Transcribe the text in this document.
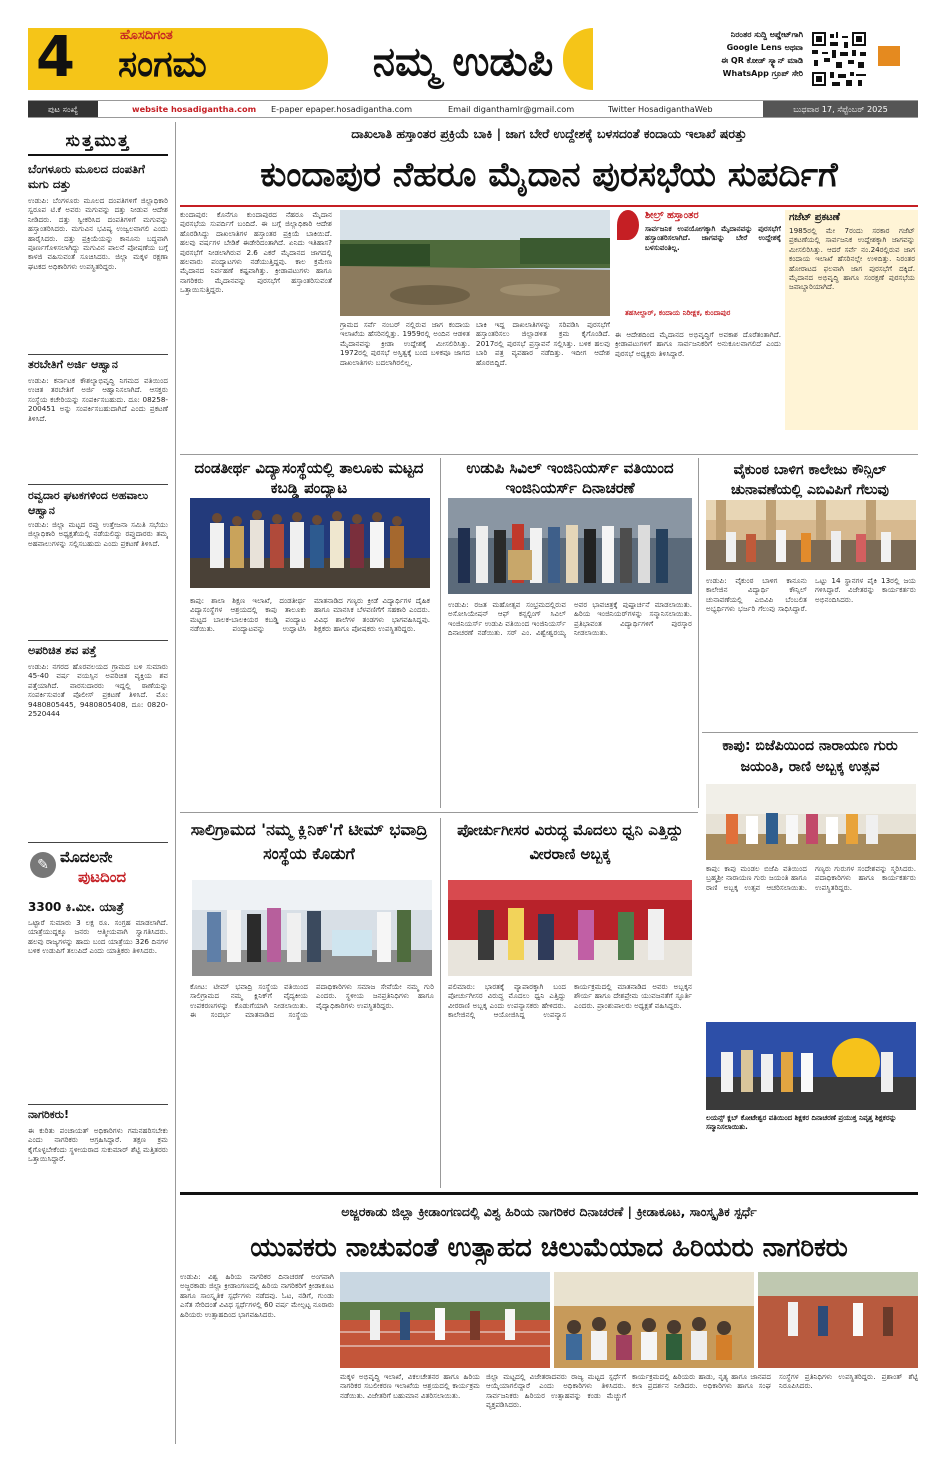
4	ಹೊಸದಿಗಂತ
ಸಂಗಮ	ನಮ್ಮ ಉಡುಪಿ
ನಿರಂತರ ಸುದ್ದಿ ಅಪ್ಡೇಟ್‌ಗಾಗಿ
Google Lens ಅಥವಾ
ಈ QR ಕೋಡ್ ಸ್ಕ್ಯಾನ್ ಮಾಡಿ
WhatsApp ಗ್ರೂಪ್ ಸೇರಿ
ಪುಟ ಸಂಖ್ಯೆ	website hosadigantha.com E-paper epaper.hosadigantha.com	Email diganthamlr@gmail.com	Twitter HosadiganthaWeb	ಬುಧವಾರ 17, ಸೆಪ್ಟೆಂಬರ್ 2025
ಸುತ್ತಮುತ್ತ
ಬೆಂಗಳೂರು ಮೂಲದ ದಂಪತಿಗೆ ಮಗು ದತ್ತು
ಉಡುಪಿ: ಬೆಂಗಳೂರು ಮೂಲದ ದಂಪತಿಗಳಿಗೆ ಜಿಲ್ಲಾಧಿಕಾರಿ ಸ್ವರೂಪ ಟಿ.ಕೆ ಅವರು ಮಗುವನ್ನು ದತ್ತು ನೀಡುವ ಆದೇಶ ನೀಡಿದರು. ದತ್ತು ಸ್ವೀಕರಿಸಿದ ದಂಪತಿಗಳಿಗೆ ಮಗುವನ್ನು ಹಸ್ತಾಂತರಿಸಿದರು. ಮಗುವಿನ ಭವಿಷ್ಯ ಉಜ್ವಲವಾಗಲಿ ಎಂದು ಹಾರೈಸಿದರು. ದತ್ತು ಪ್ರಕ್ರಿಯೆಯನ್ನು ಕಾನೂನು ಬದ್ಧವಾಗಿ ಪೂರ್ಣಗೊಳಿಸಲಾಗಿದ್ದು ಮಗುವಿನ ಪಾಲನೆ ಪೋಷಣೆಯ ಬಗ್ಗೆ ಕಾಳಜಿ ವಹಿಸುವಂತೆ ಸೂಚಿಸಿದರು. ಜಿಲ್ಲಾ ಮಕ್ಕಳ ರಕ್ಷಣಾ ಘಟಕದ ಅಧಿಕಾರಿಗಳು ಉಪಸ್ಥಿತರಿದ್ದರು.
ತರಬೇತಿಗೆ ಅರ್ಜಿ ಆಹ್ವಾನ
ಉಡುಪಿ: ಕರ್ನಾಟಕ ಕೌಶಲ್ಯಾಭಿವೃದ್ಧಿ ನಿಗಮದ ವತಿಯಿಂದ ಉಚಿತ ತರಬೇತಿಗೆ ಅರ್ಜಿ ಆಹ್ವಾನಿಸಲಾಗಿದೆ. ಆಸಕ್ತರು ಸಂಸ್ಥೆಯ ಕಚೇರಿಯನ್ನು ಸಂಪರ್ಕಿಸಬಹುದು. ದೂ: 08258-200451 ಅನ್ನು ಸಂಪರ್ಕಿಸಬಹುದಾಗಿದೆ ಎಂದು ಪ್ರಕಟಣೆ ತಿಳಿಸಿದೆ.
ರವ್ವದಾರ ಘಟಕಗಳಿಂದ ಅಹವಾಲು ಆಹ್ವಾನ
ಉಡುಪಿ: ಜಿಲ್ಲಾ ಮಟ್ಟದ ರಪ್ತು ಉತ್ತೇಜನಾ ಸಮಿತಿ ಸಭೆಯು ಜಿಲ್ಲಾಧಿಕಾರಿ ಅಧ್ಯಕ್ಷತೆಯಲ್ಲಿ ನಡೆಯಲಿದ್ದು ರಪ್ತುದಾರರು ತಮ್ಮ ಅಹವಾಲುಗಳನ್ನು ಸಲ್ಲಿಸಬಹುದು ಎಂದು ಪ್ರಕಟಣೆ ತಿಳಿಸಿದೆ.
ಅಪರಿಚಿತ ಶವ ಪತ್ತೆ
ಉಡುಪಿ: ನಗರದ ಹೊರವಲಯದ ಗ್ರಾಮದ ಬಳಿ ಸುಮಾರು 45-40 ವರ್ಷ ವಯಸ್ಸಿನ ಅಪರಿಚಿತ ವ್ಯಕ್ತಿಯ ಶವ ಪತ್ತೆಯಾಗಿದೆ. ವಾರಸುದಾರರು ಇದ್ದಲ್ಲಿ ಠಾಣೆಯನ್ನು ಸಂಪರ್ಕಿಸುವಂತೆ ಪೊಲೀಸ್ ಪ್ರಕಟಣೆ ತಿಳಿಸಿದೆ. ಮೊ: 9480805445, 9480805408, ದೂ: 0820-2520444
✎ ಮೊದಲನೇ
ಪುಟದಿಂದ
3300 ಕಿ.ಮೀ. ಯಾತ್ರೆ
ಒಟ್ಟಾರೆ ಸುಮಾರು 3 ಲಕ್ಷ ರೂ. ಸಂಗ್ರಹ ಮಾಡಲಾಗಿದೆ. ಯಾತ್ರೆಯುದ್ದಕ್ಕೂ ಜನರು ಆತ್ಮೀಯವಾಗಿ ಸ್ವಾಗತಿಸಿದರು. ಹಲವು ರಾಜ್ಯಗಳನ್ನು ಹಾದು ಬಂದ ಯಾತ್ರೆಯು 326 ದಿನಗಳ ಬಳಿಕ ಉಡುಪಿಗೆ ತಲುಪಿದೆ ಎಂದು ಯಾತ್ರಿಕರು ತಿಳಿಸಿದರು.
ನಾಗರಿಕರು!
ಈ ಕುರಿತು ಪಂಚಾಯತ್ ಅಧಿಕಾರಿಗಳು ಗಮನಹರಿಸಬೇಕು ಎಂದು ನಾಗರಿಕರು ಆಗ್ರಹಿಸಿದ್ದಾರೆ. ತಕ್ಷಣ ಕ್ರಮ ಕೈಗೊಳ್ಳಬೇಕೆಂದು ಸ್ಥಳೀಯರಾದ ಸುಕುಮಾರ್ ಶೆಟ್ಟಿ ಮತ್ತಿತರರು ಒತ್ತಾಯಿಸಿದ್ದಾರೆ.
ದಾಖಲಾತಿ ಹಸ್ತಾಂತರ ಪ್ರಕ್ರಿಯೆ ಬಾಕಿ | ಜಾಗ ಬೇರೆ ಉದ್ದೇಶಕ್ಕೆ ಬಳಸದಂತೆ ಕಂದಾಯ ಇಲಾಖೆ ಷರತ್ತು
ಕುಂದಾಪುರ ನೆಹರೂ ಮೈದಾನ ಪುರಸಭೆಯ ಸುಪರ್ದಿಗೆ
ಕುಂದಾಪುರ: ಕೊನೆಗೂ ಕುಂದಾಪುರದ ನೆಹರೂ ಮೈದಾನ ಪುರಸಭೆಯ ಸುಪರ್ದಿಗೆ ಬಂದಿದೆ. ಈ ಬಗ್ಗೆ ಜಿಲ್ಲಾಧಿಕಾರಿ ಆದೇಶ ಹೊರಡಿಸಿದ್ದು ದಾಖಲಾತಿಗಳ ಹಸ್ತಾಂತರ ಪ್ರಕ್ರಿಯೆ ಬಾಕಿಯಿದೆ. ಹಲವು ವರ್ಷಗಳ ಬೇಡಿಕೆ ಈಡೇರಿದಂತಾಗಿದೆ. ಏನಿದು ಇತಿಹಾಸ? ಪುರಸಭೆಗೆ ನೀಡಲಾಗಿರುವ 2.6 ಎಕರೆ ಮೈದಾನದ ಜಾಗದಲ್ಲಿ ಹಲವಾರು ಪಂದ್ಯಾಟಗಳು ನಡೆಯುತ್ತಿದ್ದವು. ಕಾಲ ಕ್ರಮೇಣ ಮೈದಾನದ ನಿರ್ವಹಣೆ ಕಷ್ಟವಾಗಿತ್ತು. ಕ್ರೀಡಾಪಟುಗಳು ಹಾಗೂ ನಾಗರಿಕರು ಮೈದಾನವನ್ನು ಪುರಸಭೆಗೆ ಹಸ್ತಾಂತರಿಸುವಂತೆ ಒತ್ತಾಯಿಸುತ್ತಿದ್ದರು.
ಗ್ರಾಮದ ಸರ್ವೆ ನಂಬರ್ ನಲ್ಲಿರುವ ಜಾಗ ಕಂದಾಯ ಇಲಾಖೆಯ ಹೆಸರಿನಲ್ಲಿತ್ತು. 1959ರಲ್ಲಿ ಅಂದಿನ ಆಡಳಿತ ಮೈದಾನವನ್ನು ಕ್ರೀಡಾ ಉದ್ದೇಶಕ್ಕೆ ಮೀಸಲಿರಿಸಿತ್ತು. 1972ರಲ್ಲಿ ಪುರಸಭೆ ಅಸ್ತಿತ್ವಕ್ಕೆ ಬಂದ ಬಳಿಕವೂ ಜಾಗದ ದಾಖಲಾತಿಗಳು ಬದಲಾಗಿರಲಿಲ್ಲ.
ಬಾಕಿ ಇದ್ದ ದಾಖಲಾತಿಗಳನ್ನು ಸರಿಪಡಿಸಿ ಪುರಸಭೆಗೆ ಹಸ್ತಾಂತರಿಸಲು ಜಿಲ್ಲಾಡಳಿತ ಕ್ರಮ ಕೈಗೊಂಡಿದೆ. 2017ರಲ್ಲಿ ಪುರಸಭೆ ಪ್ರಸ್ತಾವನೆ ಸಲ್ಲಿಸಿತ್ತು. ಬಳಿಕ ಹಲವು ಬಾರಿ ಪತ್ರ ವ್ಯವಹಾರ ನಡೆದಿತ್ತು. ಇದೀಗ ಆದೇಶ ಹೊರಬಿದ್ದಿದೆ.
ಶೀಲ್ರ್ ಹಸ್ತಾಂತರ
ಸಾರ್ವಜನಿಕ ಉಪಯೋಗಕ್ಕಾಗಿ ಮೈದಾನವನ್ನು ಪುರಸಭೆಗೆ ಹಸ್ತಾಂತರಿಸಲಾಗಿದೆ. ಜಾಗವನ್ನು ಬೇರೆ ಉದ್ದೇಶಕ್ಕೆ ಬಳಸುವಂತಿಲ್ಲ.
ತಹಸೀಲ್ದಾರ್, ಕಂದಾಯ ನಿರೀಕ್ಷಕ, ಕುಂದಾಪುರ
ಈ ಆದೇಶದಿಂದ ಮೈದಾನದ ಅಭಿವೃದ್ಧಿಗೆ ಅವಕಾಶ ದೊರೆತಂತಾಗಿದೆ. ಕ್ರೀಡಾಪಟುಗಳಿಗೆ ಹಾಗೂ ಸಾರ್ವಜನಿಕರಿಗೆ ಅನುಕೂಲವಾಗಲಿದೆ ಎಂದು ಪುರಸಭೆ ಅಧ್ಯಕ್ಷರು ತಿಳಿಸಿದ್ದಾರೆ.
ಗಜೆಟ್ ಪ್ರಕಟಣೆ
1985ರಲ್ಲಿ ಮೇ 7ರಂದು ಸರಕಾರ ಗಜೆಟ್ ಪ್ರಕಟಣೆಯಲ್ಲಿ ಸಾರ್ವಜನಿಕ ಉದ್ದೇಶಕ್ಕಾಗಿ ಜಾಗವನ್ನು ಮೀಸಲಿರಿಸಿತ್ತು. ಆದರೆ ಸರ್ವೆ ನಂ.24ರಲ್ಲಿರುವ ಜಾಗ ಕಂದಾಯ ಇಲಾಖೆ ಹೆಸರಿನಲ್ಲೇ ಉಳಿದಿತ್ತು. ನಿರಂತರ ಹೋರಾಟದ ಫಲವಾಗಿ ಜಾಗ ಪುರಸಭೆಗೆ ದಕ್ಕಿದೆ. ಮೈದಾನದ ಅಭಿವೃದ್ಧಿ ಹಾಗೂ ಸಂರಕ್ಷಣೆ ಪುರಸಭೆಯ ಜವಾಬ್ದಾರಿಯಾಗಿದೆ.
ದಂಡತೀರ್ಥ ವಿದ್ಯಾಸಂಸ್ಥೆಯಲ್ಲಿ ತಾಲೂಕು ಮಟ್ಟದ ಕಬಡ್ಡಿ ಪಂದ್ಯಾಟ
ಕಾಪು: ಶಾಲಾ ಶಿಕ್ಷಣ ಇಲಾಖೆ, ದಂಡತೀರ್ಥ ವಿದ್ಯಾಸಂಸ್ಥೆಗಳ ಆಶ್ರಯದಲ್ಲಿ ಕಾಪು ತಾಲೂಕು ಮಟ್ಟದ ಬಾಲಕ-ಬಾಲಕಿಯರ ಕಬಡ್ಡಿ ಪಂದ್ಯಾಟ ನಡೆಯಿತು. ಪಂದ್ಯಾಟವನ್ನು ಉದ್ಘಾಟಿಸಿ ಮಾತನಾಡಿದ ಗಣ್ಯರು ಕ್ರೀಡೆ ವಿದ್ಯಾರ್ಥಿಗಳ ದೈಹಿಕ ಹಾಗೂ ಮಾನಸಿಕ ಬೆಳವಣಿಗೆಗೆ ಸಹಕಾರಿ ಎಂದರು. ವಿವಿಧ ಶಾಲೆಗಳ ತಂಡಗಳು ಭಾಗವಹಿಸಿದ್ದವು. ಶಿಕ್ಷಕರು ಹಾಗೂ ಪೋಷಕರು ಉಪಸ್ಥಿತರಿದ್ದರು.
ಉಡುಪಿ ಸಿವಿಲ್ ಇಂಜಿನಿಯರ್ಸ್ ವತಿಯಿಂದ ಇಂಜಿನಿಯರ್ಸ್ ದಿನಾಚರಣೆ
ಉಡುಪಿ: ರಜತ ಮಹೋತ್ಸವ ಸಂಭ್ರಮದಲ್ಲಿರುವ ಅಸೋಸಿಯೇಷನ್ ಆಫ್ ಕನ್ಸಲ್ಟಿಂಗ್ ಸಿವಿಲ್ ಇಂಜಿನಿಯರ್ಸ್ ಉಡುಪಿ ವತಿಯಿಂದ ಇಂಜಿನಿಯರ್ಸ್ ದಿನಾಚರಣೆ ನಡೆಯಿತು. ಸರ್ ಎಂ. ವಿಶ್ವೇಶ್ವರಯ್ಯ ಅವರ ಭಾವಚಿತ್ರಕ್ಕೆ ಪುಷ್ಪಾರ್ಚನೆ ಮಾಡಲಾಯಿತು. ಹಿರಿಯ ಇಂಜಿನಿಯರ್‌ಗಳನ್ನು ಸನ್ಮಾನಿಸಲಾಯಿತು. ಪ್ರತಿಭಾವಂತ ವಿದ್ಯಾರ್ಥಿಗಳಿಗೆ ಪುರಸ್ಕಾರ ನೀಡಲಾಯಿತು.
ವೈಕುಂಠ ಬಾಳಿಗ ಕಾಲೇಜು ಕೌನ್ಸಿಲ್ ಚುನಾವಣೆಯಲ್ಲಿ ಎಬಿವಿಪಿಗೆ ಗೆಲುವು
ಉಡುಪಿ: ವೈಕುಂಠ ಬಾಳಿಗ ಕಾನೂನು ಕಾಲೇಜಿನ ವಿದ್ಯಾರ್ಥಿ ಕೌನ್ಸಿಲ್ ಚುನಾವಣೆಯಲ್ಲಿ ಎಬಿವಿಪಿ ಬೆಂಬಲಿತ ಅಭ್ಯರ್ಥಿಗಳು ಭರ್ಜರಿ ಗೆಲುವು ಸಾಧಿಸಿದ್ದಾರೆ. ಒಟ್ಟು 14 ಸ್ಥಾನಗಳ ಪೈಕಿ 13ರಲ್ಲಿ ಜಯ ಗಳಿಸಿದ್ದಾರೆ. ವಿಜೇತರನ್ನು ಕಾರ್ಯಕರ್ತರು ಅಭಿನಂದಿಸಿದರು.
ಕಾಪು: ಬಿಜೆಪಿಯಿಂದ ನಾರಾಯಣ ಗುರು ಜಯಂತಿ, ರಾಣಿ ಅಬ್ಬಕ್ಕ ಉತ್ಸವ
ಕಾಪು: ಕಾಪು ಮಂಡಲ ಬಿಜೆಪಿ ವತಿಯಿಂದ ಬ್ರಹ್ಮಶ್ರೀ ನಾರಾಯಣ ಗುರು ಜಯಂತಿ ಹಾಗೂ ರಾಣಿ ಅಬ್ಬಕ್ಕ ಉತ್ಸವ ಆಚರಿಸಲಾಯಿತು. ಗಣ್ಯರು ಗುರುಗಳ ಸಂದೇಶವನ್ನು ಸ್ಮರಿಸಿದರು. ಪದಾಧಿಕಾರಿಗಳು ಹಾಗೂ ಕಾರ್ಯಕರ್ತರು ಉಪಸ್ಥಿತರಿದ್ದರು.
ಲಯನ್ಸ್ ಕ್ಲಬ್ ಕೋಟೇಶ್ವರ ವತಿಯಿಂದ ಶಿಕ್ಷಕರ ದಿನಾಚರಣೆ ಪ್ರಯುಕ್ತ ನಿವೃತ್ತ ಶಿಕ್ಷಕರನ್ನು ಸನ್ಮಾನಿಸಲಾಯಿತು.
ಸಾಲಿಗ್ರಾಮದ 'ನಮ್ಮ ಕ್ಲಿನಿಕ್'ಗೆ ಟೀಮ್ ಭವಾದ್ರಿ ಸಂಸ್ಥೆಯ ಕೊಡುಗೆ
ಕೋಟ: ಟೀಮ್ ಭವಾದ್ರಿ ಸಂಸ್ಥೆಯ ವತಿಯಿಂದ ಸಾಲಿಗ್ರಾಮದ ನಮ್ಮ ಕ್ಲಿನಿಕ್‌ಗೆ ವೈದ್ಯಕೀಯ ಉಪಕರಣಗಳನ್ನು ಕೊಡುಗೆಯಾಗಿ ನೀಡಲಾಯಿತು. ಈ ಸಂದರ್ಭ ಮಾತನಾಡಿದ ಸಂಸ್ಥೆಯ ಪದಾಧಿಕಾರಿಗಳು ಸಮಾಜ ಸೇವೆಯೇ ನಮ್ಮ ಗುರಿ ಎಂದರು. ಸ್ಥಳೀಯ ಜನಪ್ರತಿನಿಧಿಗಳು ಹಾಗೂ ವೈದ್ಯಾಧಿಕಾರಿಗಳು ಉಪಸ್ಥಿತರಿದ್ದರು.
ಪೋರ್ಚುಗೀಸರ ವಿರುದ್ಧ ಮೊದಲು ಧ್ವನಿ ಎತ್ತಿದ್ದು ವೀರರಾಣಿ ಅಬ್ಬಕ್ಕ
ಪಲಿಮಾರು: ಭಾರತಕ್ಕೆ ವ್ಯಾಪಾರಕ್ಕಾಗಿ ಬಂದ ಪೋರ್ಚುಗೀಸರ ವಿರುದ್ಧ ಮೊದಲು ಧ್ವನಿ ಎತ್ತಿದ್ದು ವೀರರಾಣಿ ಅಬ್ಬಕ್ಕ ಎಂದು ಉಪನ್ಯಾಸಕರು ಹೇಳಿದರು. ಕಾಲೇಜಿನಲ್ಲಿ ಆಯೋಜಿಸಿದ್ದ ಉಪನ್ಯಾಸ ಕಾರ್ಯಕ್ರಮದಲ್ಲಿ ಮಾತನಾಡಿದ ಅವರು ಅಬ್ಬಕ್ಕನ ಶೌರ್ಯ ಹಾಗೂ ದೇಶಪ್ರೇಮ ಯುವಜನತೆಗೆ ಸ್ಫೂರ್ತಿ ಎಂದರು. ಪ್ರಾಂಶುಪಾಲರು ಅಧ್ಯಕ್ಷತೆ ವಹಿಸಿದ್ದರು.
ಅಜ್ಜರಕಾಡು ಜಿಲ್ಲಾ ಕ್ರೀಡಾಂಗಣದಲ್ಲಿ ವಿಶ್ವ ಹಿರಿಯ ನಾಗರಿಕರ ದಿನಾಚರಣೆ | ಕ್ರೀಡಾಕೂಟ, ಸಾಂಸ್ಕೃತಿಕ ಸ್ಪರ್ಧೆ
ಯುವಕರು ನಾಚುವಂತೆ ಉತ್ಸಾಹದ ಚಿಲುಮೆಯಾದ ಹಿರಿಯರು ನಾಗರಿಕರು
ಉಡುಪಿ: ವಿಶ್ವ ಹಿರಿಯ ನಾಗರಿಕರ ದಿನಾಚರಣೆ ಅಂಗವಾಗಿ ಅಜ್ಜರಕಾಡು ಜಿಲ್ಲಾ ಕ್ರೀಡಾಂಗಣದಲ್ಲಿ ಹಿರಿಯ ನಾಗರಿಕರಿಗೆ ಕ್ರೀಡಾಕೂಟ ಹಾಗೂ ಸಾಂಸ್ಕೃತಿಕ ಸ್ಪರ್ಧೆಗಳು ನಡೆದವು. ಓಟ, ನಡಿಗೆ, ಗುಂಡು ಎಸೆತ ಸೇರಿದಂತೆ ವಿವಿಧ ಸ್ಪರ್ಧೆಗಳಲ್ಲಿ 60 ವರ್ಷ ಮೇಲ್ಪಟ್ಟ ನೂರಾರು ಹಿರಿಯರು ಉತ್ಸಾಹದಿಂದ ಭಾಗವಹಿಸಿದರು.
ಮಕ್ಕಳ ಅಭಿವೃದ್ಧಿ ಇಲಾಖೆ, ವಿಕಲಚೇತನರ ಹಾಗೂ ಹಿರಿಯ ನಾಗರಿಕರ ಸಬಲೀಕರಣ ಇಲಾಖೆಯ ಆಶ್ರಯದಲ್ಲಿ ಕಾರ್ಯಕ್ರಮ ನಡೆಯಿತು. ವಿಜೇತರಿಗೆ ಬಹುಮಾನ ವಿತರಿಸಲಾಯಿತು.
ಜಿಲ್ಲಾ ಮಟ್ಟದಲ್ಲಿ ವಿಜೇತರಾದವರು ರಾಜ್ಯ ಮಟ್ಟದ ಸ್ಪರ್ಧೆಗೆ ಆಯ್ಕೆಯಾಗಲಿದ್ದಾರೆ ಎಂದು ಅಧಿಕಾರಿಗಳು ತಿಳಿಸಿದರು. ಸಾರ್ವಜನಿಕರು ಹಿರಿಯರ ಉತ್ಸಾಹವನ್ನು ಕಂಡು ಮೆಚ್ಚುಗೆ ವ್ಯಕ್ತಪಡಿಸಿದರು.
ಕಾರ್ಯಕ್ರಮದಲ್ಲಿ ಹಿರಿಯರು ಹಾಡು, ನೃತ್ಯ ಹಾಗೂ ಜಾನಪದ ಕಲಾ ಪ್ರದರ್ಶನ ನೀಡಿದರು. ಅಧಿಕಾರಿಗಳು ಹಾಗೂ ಸಂಘ ಸಂಸ್ಥೆಗಳ ಪ್ರತಿನಿಧಿಗಳು ಉಪಸ್ಥಿತರಿದ್ದರು. ಪ್ರಶಾಂತ್ ಶೆಟ್ಟಿ ನಿರೂಪಿಸಿದರು.
